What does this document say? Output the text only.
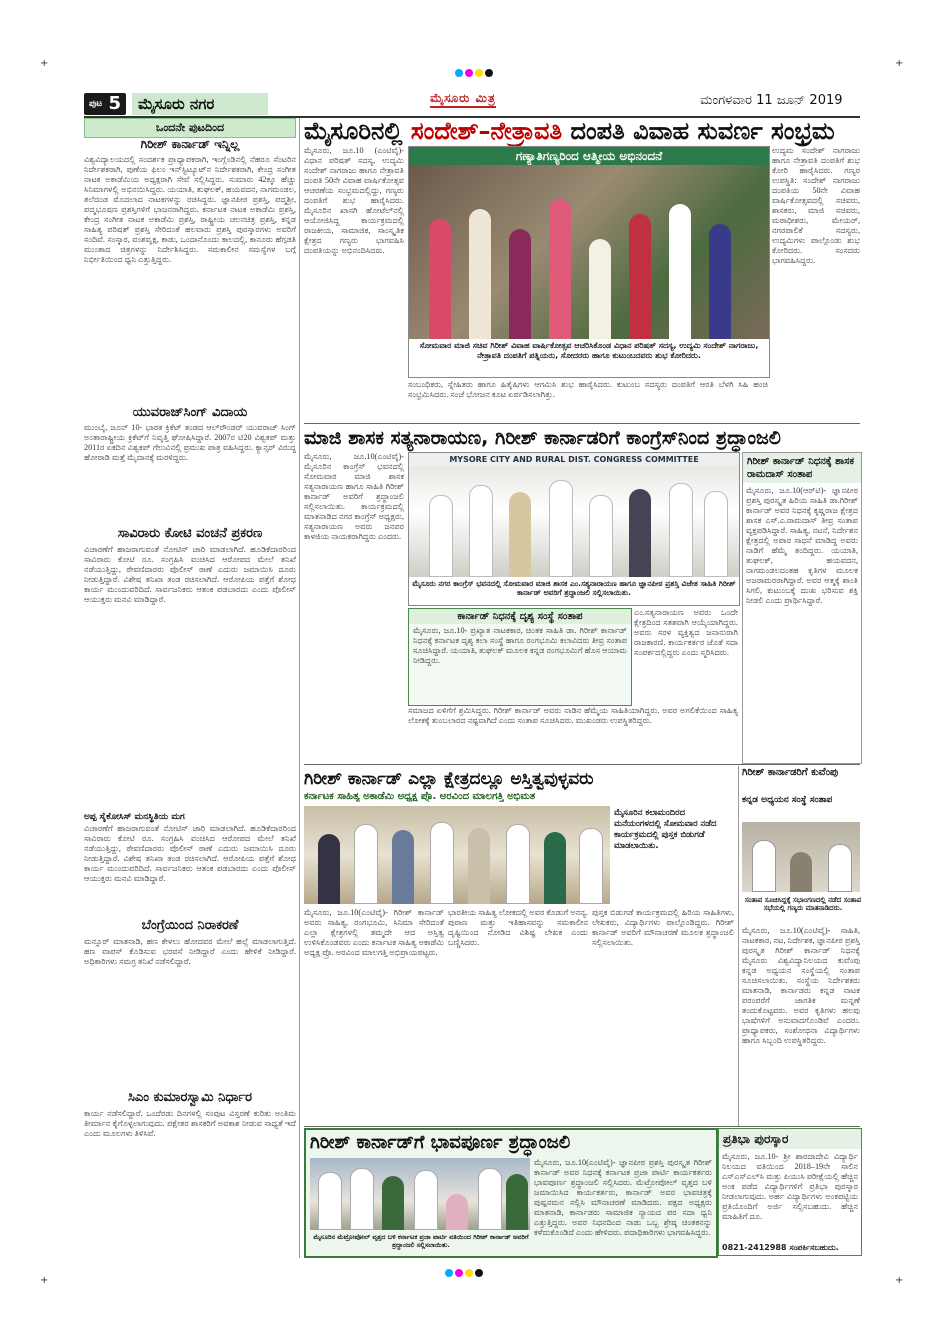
+	+
+	+
$^{ಪುಟ}$ 5	ಮೈಸೂರು ನಗರ	ಮೈಸೂರು ಮಿತ್ರ	ಮಂಗಳವಾರ 11 ಜೂನ್ 2019
ಒಂದನೇ ಪುಟದಿಂದ
ಗಿರೀಶ್ ಕಾರ್ನಾಡ್ ಇನ್ನಿಲ್ಲ
ವಿಶ್ವವಿದ್ಯಾಲಯದಲ್ಲಿ ಸಂದರ್ಶಕ ಪ್ರಾಧ್ಯಾಪಕರಾಗಿ, ಇಂಗ್ಲೆಂಡಿನಲ್ಲಿ ನೆಹರೂ ಸೆಂಟರಿನ ನಿರ್ದೇಶಕರಾಗಿ, ಪುಣೆಯ ಫಿಲಂ ಇನ್‌ಸ್ಟಿಟ್ಯೂಟ್‌ನ ನಿರ್ದೇಶಕರಾಗಿ, ಕೇಂದ್ರ ಸಂಗೀತ ನಾಟಕ ಅಕಾಡೆಮಿಯ ಅಧ್ಯಕ್ಷರಾಗಿ ಸೇವೆ ಸಲ್ಲಿಸಿದ್ದರು. ಸುಮಾರು 42ಕ್ಕೂ ಹೆಚ್ಚು ಸಿನಿಮಾಗಳಲ್ಲಿ ಅಭಿನಯಿಸಿದ್ದರು. ಯಯಾತಿ, ತುಘಲಕ್, ಹಯವದನ, ನಾಗಮಂಡಲ, ತಲೆದಂಡ ಮೊದಲಾದ ನಾಟಕಗಳನ್ನು ರಚಿಸಿದ್ದರು. ಜ್ಞಾನಪೀಠ ಪ್ರಶಸ್ತಿ, ಪದ್ಮಶ್ರೀ, ಪದ್ಮಭೂಷಣ ಪ್ರಶಸ್ತಿಗಳಿಗೆ ಭಾಜನರಾಗಿದ್ದರು. ಕರ್ನಾಟಕ ನಾಟಕ ಅಕಾಡೆಮಿ ಪ್ರಶಸ್ತಿ, ಕೇಂದ್ರ ಸಂಗೀತ ನಾಟಕ ಅಕಾಡೆಮಿ ಪ್ರಶಸ್ತಿ, ರಾಷ್ಟ್ರೀಯ ಚಲನಚಿತ್ರ ಪ್ರಶಸ್ತಿ, ಕನ್ನಡ ಸಾಹಿತ್ಯ ಪರಿಷತ್ ಪ್ರಶಸ್ತಿ ಸೇರಿದಂತೆ ಹಲವಾರು ಪ್ರಶಸ್ತಿ ಪುರಸ್ಕಾರಗಳು ಅವರಿಗೆ ಸಂದಿವೆ. ಸಂಸ್ಕಾರ, ವಂಶವೃಕ್ಷ, ಕಾಡು, ಒಂದಾನೊಂದು ಕಾಲದಲ್ಲಿ, ಕಾನೂರು ಹೆಗ್ಗಡತಿ ಮುಂತಾದ ಚಿತ್ರಗಳನ್ನು ನಿರ್ದೇಶಿಸಿದ್ದರು. ಸಮಕಾಲೀನ ಸಮಸ್ಯೆಗಳ ಬಗ್ಗೆ ನಿರ್ಭೀತಿಯಿಂದ ಧ್ವನಿ ಎತ್ತುತ್ತಿದ್ದರು.
ಯುವರಾಜ್‌ಸಿಂಗ್ ವಿದಾಯ
ಮುಂಬೈ, ಜೂನ್ 10- ಭಾರತ ಕ್ರಿಕೆಟ್ ತಂಡದ ಆಲ್‌ರೌಂಡರ್ ಯುವರಾಜ್ ಸಿಂಗ್ ಅಂತಾರಾಷ್ಟ್ರೀಯ ಕ್ರಿಕೆಟ್‌ಗೆ ನಿವೃತ್ತಿ ಘೋಷಿಸಿದ್ದಾರೆ. 2007ರ ಟಿ20 ವಿಶ್ವಕಪ್ ಮತ್ತು 2011ರ ಏಕದಿನ ವಿಶ್ವಕಪ್ ಗೆಲುವಿನಲ್ಲಿ ಪ್ರಮುಖ ಪಾತ್ರ ವಹಿಸಿದ್ದರು. ಕ್ಯಾನ್ಸರ್ ವಿರುದ್ಧ ಹೋರಾಡಿ ಮತ್ತೆ ಮೈದಾನಕ್ಕೆ ಮರಳಿದ್ದರು.
ಸಾವಿರಾರು ಕೋಟಿ ವಂಚನೆ ಪ್ರಕರಣ
ವಿಚಾರಣೆಗೆ ಹಾಜರಾಗುವಂತೆ ನೋಟಿಸ್ ಜಾರಿ ಮಾಡಲಾಗಿದೆ. ಹೂಡಿಕೆದಾರರಿಂದ ಸಾವಿರಾರು ಕೋಟಿ ರೂ. ಸಂಗ್ರಹಿಸಿ ವಂಚಿಸಿದ ಆರೋಪದ ಮೇಲೆ ತನಿಖೆ ನಡೆಯುತ್ತಿದ್ದು, ಠೇವಣಿದಾರರು ಪೊಲೀಸ್ ಠಾಣೆ ಎದುರು ಜಮಾಯಿಸಿ ದೂರು ನೀಡುತ್ತಿದ್ದಾರೆ. ವಿಶೇಷ ತನಿಖಾ ತಂಡ ರಚಿಸಲಾಗಿದೆ. ಆರೋಪಿಯ ಪತ್ತೆಗೆ ಶೋಧ ಕಾರ್ಯ ಮುಂದುವರಿದಿದೆ. ಸಾರ್ವಜನಿಕರು ಆತಂಕ ಪಡಬಾರದು ಎಂದು ಪೊಲೀಸ್ ಆಯುಕ್ತರು ಮನವಿ ಮಾಡಿದ್ದಾರೆ.
ಅಪ್ಪ ಸೈಕೋಸಿಸ್ ಮನಸ್ಥಿತಿಯ ಮಗ
ವಿಚಾರಣೆಗೆ ಹಾಜರಾಗುವಂತೆ ನೋಟಿಸ್ ಜಾರಿ ಮಾಡಲಾಗಿದೆ. ಹೂಡಿಕೆದಾರರಿಂದ ಸಾವಿರಾರು ಕೋಟಿ ರೂ. ಸಂಗ್ರಹಿಸಿ ವಂಚಿಸಿದ ಆರೋಪದ ಮೇಲೆ ತನಿಖೆ ನಡೆಯುತ್ತಿದ್ದು, ಠೇವಣಿದಾರರು ಪೊಲೀಸ್ ಠಾಣೆ ಎದುರು ಜಮಾಯಿಸಿ ದೂರು ನೀಡುತ್ತಿದ್ದಾರೆ. ವಿಶೇಷ ತನಿಖಾ ತಂಡ ರಚಿಸಲಾಗಿದೆ. ಆರೋಪಿಯ ಪತ್ತೆಗೆ ಶೋಧ ಕಾರ್ಯ ಮುಂದುವರಿದಿದೆ. ಸಾರ್ವಜನಿಕರು ಆತಂಕ ಪಡಬಾರದು ಎಂದು ಪೊಲೀಸ್ ಆಯುಕ್ತರು ಮನವಿ ಮಾಡಿದ್ದಾರೆ.
ಬೆಂಗ್ರೆಯಿಂದ ನಿರಾಕರಣೆ
ಮನ್ಸೂರ್ ಮಾತನಾಡಿ, ಹಣ ಕೇಳಲು ಹೋದವರ ಮೇಲೆ ಹಲ್ಲೆ ಮಾಡಲಾಗುತ್ತಿದೆ. ಹಣ ವಾಪಸ್ ಕೊಡಿಸುವ ಭರವಸೆ ನೀಡಿದ್ದಾರೆ ಎಂದು ಹೇಳಿಕೆ ನೀಡಿದ್ದಾರೆ. ಅಧಿಕಾರಿಗಳು ಸಮಗ್ರ ತನಿಖೆ ನಡೆಸಲಿದ್ದಾರೆ.
ಸಿಎಂ ಕುಮಾರಸ್ವಾಮಿ ನಿರ್ಧಾರ
ಕಾರ್ಯ ನಡೆಸಲಿದ್ದಾರೆ. ಒಂದೆರಡು ದಿನಗಳಲ್ಲಿ ಸಂಪುಟ ವಿಸ್ತರಣೆ ಕುರಿತು ಅಂತಿಮ ತೀರ್ಮಾನ ಕೈಗೊಳ್ಳಲಾಗುವುದು. ಪಕ್ಷೇತರ ಶಾಸಕರಿಗೆ ಅವಕಾಶ ನೀಡುವ ಸಾಧ್ಯತೆ ಇದೆ ಎಂದು ಮೂಲಗಳು ತಿಳಿಸಿವೆ.
ಮೈಸೂರಿನಲ್ಲಿ ಸಂದೇಶ್–ನೇತ್ರಾವತಿ ದಂಪತಿ ವಿವಾಹ ಸುವರ್ಣ ಸಂಭ್ರಮ
ಮೈಸೂರು, ಜೂ.10 (ಎಂಟಿವೈ)- ವಿಧಾನ ಪರಿಷತ್ ಸದಸ್ಯ, ಉದ್ಯಮಿ ಸಂದೇಶ್ ನಾಗರಾಜು ಹಾಗೂ ನೇತ್ರಾವತಿ ದಂಪತಿ 50ನೇ ವಿವಾಹ ವಾರ್ಷಿಕೋತ್ಸವ ಆಚರಣೆಯ ಸಂಭ್ರಮದಲ್ಲಿದ್ದು, ಗಣ್ಯರು ದಂಪತಿಗೆ ಶುಭ ಹಾರೈಸಿದರು. ಮೈಸೂರಿನ ಖಾಸಗಿ ಹೋಟೆಲ್‌ನಲ್ಲಿ ಆಯೋಜಿಸಿದ್ದ ಕಾರ್ಯಕ್ರಮದಲ್ಲಿ ರಾಜಕೀಯ, ಸಾಮಾಜಿಕ, ಸಾಂಸ್ಕೃತಿಕ ಕ್ಷೇತ್ರದ ಗಣ್ಯರು ಭಾಗವಹಿಸಿ ದಂಪತಿಯನ್ನು ಅಭಿನಂದಿಸಿದರು.
ಗಣ್ಯಾತಿಗಣ್ಯರಿಂದ ಆತ್ಮೀಯ ಅಭಿನಂದನೆ
ಸೋಮವಾರ ಮಾಜಿ ಸಚಿವ ಗಿರೀಶ್ ವಿವಾಹ ವಾರ್ಷಿಕೋತ್ಸವ ಆಚರಿಸಿಕೊಂಡ ವಿಧಾನ ಪರಿಷತ್ ಸದಸ್ಯ, ಉದ್ಯಮಿ ಸಂದೇಶ್ ನಾಗರಾಜು, ನೇತ್ರಾವತಿ ದಂಪತಿಗೆ ಪತ್ನಿಯರು, ಸೋದರರು ಹಾಗೂ ಕುಟುಂಬದವರು ಶುಭ ಕೋರಿದರು.
ಉದ್ಯಮ ಸಂದೇಶ್ ನಾಗರಾಜು ಹಾಗೂ ನೇತ್ರಾವತಿ ದಂಪತಿಗೆ ಶುಭ ಕೋರಿ ಹಾರೈಸಿದರು. ಗಣ್ಯರ ಉಪಸ್ಥಿತಿ: ಸಂದೇಶ್ ನಾಗರಾಜು ದಂಪತಿಯ 50ನೇ ವಿವಾಹ ವಾರ್ಷಿಕೋತ್ಸವದಲ್ಲಿ ಸಚಿವರು, ಶಾಸಕರು, ಮಾಜಿ ಸಚಿವರು, ಮಠಾಧೀಶರು, ಮೇಯರ್, ನಗರಪಾಲಿಕೆ ಸದಸ್ಯರು, ಉದ್ಯಮಿಗಳು ಪಾಲ್ಗೊಂಡು ಶುಭ ಕೋರಿದರು. ಸಂಸದರು ಭಾಗವಹಿಸಿದ್ದರು.
ಸಂಬಂಧಿಕರು, ಸ್ನೇಹಿತರು ಹಾಗೂ ಹಿತೈಷಿಗಳು ಆಗಮಿಸಿ ಶುಭ ಹಾರೈಸಿದರು. ಕುಟುಂಬ ಸದಸ್ಯರು ದಂಪತಿಗೆ ಆರತಿ ಬೆಳಗಿ ಸಿಹಿ ಹಂಚಿ ಸಂಭ್ರಮಿಸಿದರು. ಸಂಜೆ ಭೋಜನ ಕೂಟ ಏರ್ಪಡಿಸಲಾಗಿತ್ತು.
ಮಾಜಿ ಶಾಸಕ ಸತ್ಯನಾರಾಯಣ, ಗಿರೀಶ್ ಕಾರ್ನಾಡರಿಗೆ ಕಾಂಗ್ರೆಸ್‌ನಿಂದ ಶ್ರದ್ಧಾಂಜಲಿ
ಮೈಸೂರು, ಜೂ.10(ಎಂಟಿವೈ)- ಮೈಸೂರಿನ ಕಾಂಗ್ರೆಸ್ ಭವನದಲ್ಲಿ ಸೋಮವಾರ ಮಾಜಿ ಶಾಸಕ ಸತ್ಯನಾರಾಯಣ ಹಾಗೂ ಸಾಹಿತಿ ಗಿರೀಶ್ ಕಾರ್ನಾಡ್ ಅವರಿಗೆ ಶ್ರದ್ಧಾಂಜಲಿ ಸಲ್ಲಿಸಲಾಯಿತು. ಕಾರ್ಯಕ್ರಮದಲ್ಲಿ ಮಾತನಾಡಿದ ನಗರ ಕಾಂಗ್ರೆಸ್ ಅಧ್ಯಕ್ಷರು, ಸತ್ಯನಾರಾಯಣ ಅವರು ಜನಪರ ಕಾಳಜಿಯ ನಾಯಕರಾಗಿದ್ದರು ಎಂದರು.
MYSORE CITY AND RURAL DIST. CONGRESS COMMITTEE
ಮೈಸೂರು ನಗರ ಕಾಂಗ್ರೆಸ್ ಭವನದಲ್ಲಿ ಸೋಮವಾರ ಮಾಜಿ ಶಾಸಕ ಎಂ.ಸತ್ಯನಾರಾಯಣ ಹಾಗೂ ಜ್ಞಾನಪೀಠ ಪ್ರಶಸ್ತಿ ವಿಜೇತ ಸಾಹಿತಿ ಗಿರೀಶ್ ಕಾರ್ನಾಡ್ ಅವರಿಗೆ ಶ್ರದ್ಧಾಂಜಲಿ ಸಲ್ಲಿಸಲಾಯಿತು.
ಕಾರ್ನಾಡ್ ನಿಧನಕ್ಕೆ ದೃಶ್ಯ ಸಂಸ್ಥೆ ಸಂತಾಪ
ಮೈಸೂರು, ಜೂ.10- ಪ್ರಖ್ಯಾತ ನಾಟಕಕಾರ, ಚಿಂತಕ ಸಾಹಿತಿ ಡಾ. ಗಿರೀಶ್ ಕಾರ್ನಾಡ್ ನಿಧನಕ್ಕೆ ಕರ್ನಾಟಕ ದೃಶ್ಯ ಕಲಾ ಸಂಸ್ಥೆ ಹಾಗೂ ರಂಗಭೂಮಿ ಕಲಾವಿದರು ತೀವ್ರ ಸಂತಾಪ ಸೂಚಿಸಿದ್ದಾರೆ. ಯಯಾತಿ, ತುಘಲಕ್ ಮೂಲಕ ಕನ್ನಡ ರಂಗಭೂಮಿಗೆ ಹೊಸ ಆಯಾಮ ನೀಡಿದ್ದರು.
ಎಂ.ಸತ್ಯನಾರಾಯಣ ಅವರು ಒಂದೇ ಕ್ಷೇತ್ರದಿಂದ ಸತತವಾಗಿ ಆಯ್ಕೆಯಾಗಿದ್ದರು. ಅವರು ಸರಳ ವ್ಯಕ್ತಿತ್ವದ ಜನಾನುರಾಗಿ ರಾಜಕಾರಣಿ. ಕಾರ್ಯಕರ್ತರ ಜೊತೆ ಸದಾ ಸಂಪರ್ಕದಲ್ಲಿದ್ದರು ಎಂದು ಸ್ಮರಿಸಿದರು.
ಸಮಾಜದ ಏಳಿಗೆಗೆ ಶ್ರಮಿಸಿದ್ದರು. ಗಿರೀಶ್ ಕಾರ್ನಾಡ್ ಅವರು ನಾಡಿನ ಹೆಮ್ಮೆಯ ಸಾಹಿತಿಯಾಗಿದ್ದರು. ಅವರ ಅಗಲಿಕೆಯಿಂದ ಸಾಹಿತ್ಯ ಲೋಕಕ್ಕೆ ತುಂಬಲಾರದ ನಷ್ಟವಾಗಿದೆ ಎಂದು ಸಂತಾಪ ಸೂಚಿಸಿದರು. ಮುಖಂಡರು ಉಪಸ್ಥಿತರಿದ್ದರು.
ಗಿರೀಶ್ ಕಾರ್ನಾಡ್ ನಿಧನಕ್ಕೆ ಶಾಸಕ ರಾಮದಾಸ್ ಸಂತಾಪ
ಮೈಸೂರು, ಜೂ.10(ಆರ್‌ಟಿ)- ಜ್ಞಾನಪೀಠ ಪ್ರಶಸ್ತಿ ಪುರಸ್ಕೃತ ಹಿರಿಯ ಸಾಹಿತಿ ಡಾ.ಗಿರೀಶ್ ಕಾರ್ನಾಡ್ ಅವರ ನಿಧನಕ್ಕೆ ಕೃಷ್ಣರಾಜ ಕ್ಷೇತ್ರದ ಶಾಸಕ ಎಸ್.ಎ.ರಾಮದಾಸ್ ತೀವ್ರ ಸಂತಾಪ ವ್ಯಕ್ತಪಡಿಸಿದ್ದಾರೆ. ಸಾಹಿತ್ಯ, ನಟನೆ, ನಿರ್ದೇಶನ ಕ್ಷೇತ್ರದಲ್ಲಿ ಅಪಾರ ಸಾಧನೆ ಮಾಡಿದ್ದ ಅವರು ನಾಡಿಗೆ ಹೆಮ್ಮೆ ತಂದಿದ್ದರು. ಯಯಾತಿ, ತುಘಲಕ್, ಹಯವದನ, ನಾಗಮಂಡಲದಂತಹ ಕೃತಿಗಳ ಮೂಲಕ ಅಜರಾಮರರಾಗಿದ್ದಾರೆ. ಅವರ ಆತ್ಮಕ್ಕೆ ಶಾಂತಿ ಸಿಗಲಿ, ಕುಟುಂಬಕ್ಕೆ ದುಃಖ ಭರಿಸುವ ಶಕ್ತಿ ನೀಡಲಿ ಎಂದು ಪ್ರಾರ್ಥಿಸಿದ್ದಾರೆ.
ಗಿರೀಶ್ ಕಾರ್ನಾಡ್ ಎಲ್ಲಾ ಕ್ಷೇತ್ರದಲ್ಲೂ ಅಸ್ತಿತ್ವವುಳ್ಳವರು
ಕರ್ನಾಟಕ ಸಾಹಿತ್ಯ ಅಕಾಡೆಮಿ ಅಧ್ಯಕ್ಷ ಪ್ರೊ. ಅರವಿಂದ ಮಾಲಗತ್ತಿ ಅಭಿಮತ
ಮೈಸೂರಿನ ಕಲಾಮಂದಿರದ ಮನೆಯಂಗಳದಲ್ಲಿ ಸೋಮವಾರ ನಡೆದ ಕಾರ್ಯಕ್ರಮದಲ್ಲಿ ಪುಸ್ತಕ ಬಿಡುಗಡೆ ಮಾಡಲಾಯಿತು.
ಮೈಸೂರು, ಜೂ.10(ಎಂಟಿವೈ)- ಗಿರೀಶ್ ಕಾರ್ನಾಡ್ ಅವರು ಸಾಹಿತ್ಯ, ರಂಗಭೂಮಿ, ಸಿನಿಮಾ ಸೇರಿದಂತೆ ಎಲ್ಲಾ ಕ್ಷೇತ್ರಗಳಲ್ಲಿ ತಮ್ಮದೇ ಆದ ಅಸ್ತಿತ್ವ ಉಳಿಸಿಕೊಂಡವರು ಎಂದು ಕರ್ನಾಟಕ ಸಾಹಿತ್ಯ ಅಕಾಡೆಮಿ ಅಧ್ಯಕ್ಷ ಪ್ರೊ. ಅರವಿಂದ ಮಾಲಗತ್ತಿ ಅಭಿಪ್ರಾಯಪಟ್ಟರು.
ಭಾರತೀಯ ಸಾಹಿತ್ಯ ಲೋಕದಲ್ಲಿ ಅವರ ಕೊಡುಗೆ ಅನನ್ಯ. ಪುರಾಣ ಮತ್ತು ಇತಿಹಾಸವನ್ನು ಸಮಕಾಲೀನ ದೃಷ್ಟಿಯಿಂದ ನೋಡಿದ ವಿಶಿಷ್ಟ ಲೇಖಕ ಎಂದು ಬಣ್ಣಿಸಿದರು.
ಪುಸ್ತಕ ಬಿಡುಗಡೆ ಕಾರ್ಯಕ್ರಮದಲ್ಲಿ ಹಿರಿಯ ಸಾಹಿತಿಗಳು, ಲೇಖಕರು, ವಿದ್ಯಾರ್ಥಿಗಳು ಪಾಲ್ಗೊಂಡಿದ್ದರು. ಗಿರೀಶ್ ಕಾರ್ನಾಡ್ ಅವರಿಗೆ ಮೌನಾಚರಣೆ ಮೂಲಕ ಶ್ರದ್ಧಾಂಜಲಿ ಸಲ್ಲಿಸಲಾಯಿತು.
ಗಿರೀಶ್ ಕಾರ್ನಾಡರಿಗೆ ಕುವೆಂಪು
ಕನ್ನಡ ಅಧ್ಯಯನ ಸಂಸ್ಥೆ ಸಂತಾಪ
ಸಂತಾಪ ಸೂಚಿಸಿದ್ದಕ್ಕೆ ಸಭಾಂಗಣದಲ್ಲಿ ನಡೆದ ಸಂತಾಪ ಸಭೆಯಲ್ಲಿ ಗಣ್ಯರು ಮಾತನಾಡಿದರು.
ಮೈಸೂರು, ಜೂ.10(ಎಂಟಿವೈ)- ಸಾಹಿತಿ, ನಾಟಕಕಾರ, ನಟ, ನಿರ್ದೇಶಕ, ಜ್ಞಾನಪೀಠ ಪ್ರಶಸ್ತಿ ಪುರಸ್ಕೃತ ಗಿರೀಶ್ ಕಾರ್ನಾಡ್ ನಿಧನಕ್ಕೆ ಮೈಸೂರು ವಿಶ್ವವಿದ್ಯಾನಿಲಯದ ಕುವೆಂಪು ಕನ್ನಡ ಅಧ್ಯಯನ ಸಂಸ್ಥೆಯಲ್ಲಿ ಸಂತಾಪ ಸೂಚಿಸಲಾಯಿತು. ಸಂಸ್ಥೆಯ ನಿರ್ದೇಶಕರು ಮಾತನಾಡಿ, ಕಾರ್ನಾಡರು ಕನ್ನಡ ನಾಟಕ ಪರಂಪರೆಗೆ ಜಾಗತಿಕ ಮನ್ನಣೆ ತಂದುಕೊಟ್ಟವರು. ಅವರ ಕೃತಿಗಳು ಹಲವು ಭಾಷೆಗಳಿಗೆ ಅನುವಾದಗೊಂಡಿವೆ ಎಂದರು. ಪ್ರಾಧ್ಯಾಪಕರು, ಸಂಶೋಧನಾ ವಿದ್ಯಾರ್ಥಿಗಳು ಹಾಗೂ ಸಿಬ್ಬಂದಿ ಉಪಸ್ಥಿತರಿದ್ದರು.
ಗಿರೀಶ್ ಕಾರ್ನಾಡ್‌ಗೆ ಭಾವಪೂರ್ಣ ಶ್ರದ್ಧಾಂಜಲಿ
ಮೈಸೂರಿನ ಮೆಟ್ರೋಪೋಲ್ ವೃತ್ತದ ಬಳಿ ಕರ್ನಾಟಕ ಪ್ರಜಾ ಪಾರ್ಟಿ ವತಿಯಿಂದ ಗಿರೀಶ್ ಕಾರ್ನಾಡ್ ಅವರಿಗೆ ಶ್ರದ್ಧಾಂಜಲಿ ಸಲ್ಲಿಸಲಾಯಿತು.
ಮೈಸೂರು, ಜೂ.10(ಎಂಟಿವೈ)- ಜ್ಞಾನಪೀಠ ಪ್ರಶಸ್ತಿ ಪುರಸ್ಕೃತ ಗಿರೀಶ್ ಕಾರ್ನಾಡ್ ಅವರ ನಿಧನಕ್ಕೆ ಕರ್ನಾಟಕ ಪ್ರಜಾ ಪಾರ್ಟಿ ಕಾರ್ಯಕರ್ತರು ಭಾವಪೂರ್ಣ ಶ್ರದ್ಧಾಂಜಲಿ ಸಲ್ಲಿಸಿದರು. ಮೆಟ್ರೋಪೋಲ್ ವೃತ್ತದ ಬಳಿ ಜಮಾಯಿಸಿದ ಕಾರ್ಯಕರ್ತರು, ಕಾರ್ನಾಡ್ ಅವರ ಭಾವಚಿತ್ರಕ್ಕೆ ಪುಷ್ಪನಮನ ಸಲ್ಲಿಸಿ ಮೌನಾಚರಣೆ ಮಾಡಿದರು. ಪಕ್ಷದ ಅಧ್ಯಕ್ಷರು ಮಾತನಾಡಿ, ಕಾರ್ನಾಡರು ಸಾಮಾಜಿಕ ನ್ಯಾಯದ ಪರ ಸದಾ ಧ್ವನಿ ಎತ್ತುತ್ತಿದ್ದರು. ಅವರ ನಿಧನದಿಂದ ನಾಡು ಒಬ್ಬ ಶ್ರೇಷ್ಠ ಚಿಂತಕನನ್ನು ಕಳೆದುಕೊಂಡಿದೆ ಎಂದು ಹೇಳಿದರು. ಪದಾಧಿಕಾರಿಗಳು ಭಾಗವಹಿಸಿದ್ದರು.
ಪ್ರತಿಭಾ ಪುರಸ್ಕಾರ
ಮೈಸೂರು, ಜೂ.10- ಶ್ರೀ ಶಾರದಾದೇವಿ ವಿದ್ಯಾರ್ಥಿ ನಿಲಯದ ವತಿಯಿಂದ 2018–19ನೇ ಸಾಲಿನ ಎಸ್‌ಎಸ್‌ಎಲ್‌ಸಿ ಮತ್ತು ಪಿಯುಸಿ ಪರೀಕ್ಷೆಯಲ್ಲಿ ಹೆಚ್ಚಿನ ಅಂಕ ಪಡೆದ ವಿದ್ಯಾರ್ಥಿಗಳಿಗೆ ಪ್ರತಿಭಾ ಪುರಸ್ಕಾರ ನೀಡಲಾಗುವುದು. ಅರ್ಹ ವಿದ್ಯಾರ್ಥಿಗಳು ಅಂಕಪಟ್ಟಿಯ ಪ್ರತಿಯೊಂದಿಗೆ ಅರ್ಜಿ ಸಲ್ಲಿಸಬಹುದು. ಹೆಚ್ಚಿನ ಮಾಹಿತಿಗೆ ದೂ.
0821-2412988 ಸಂಪರ್ಕಿಸಬಹುದು.
